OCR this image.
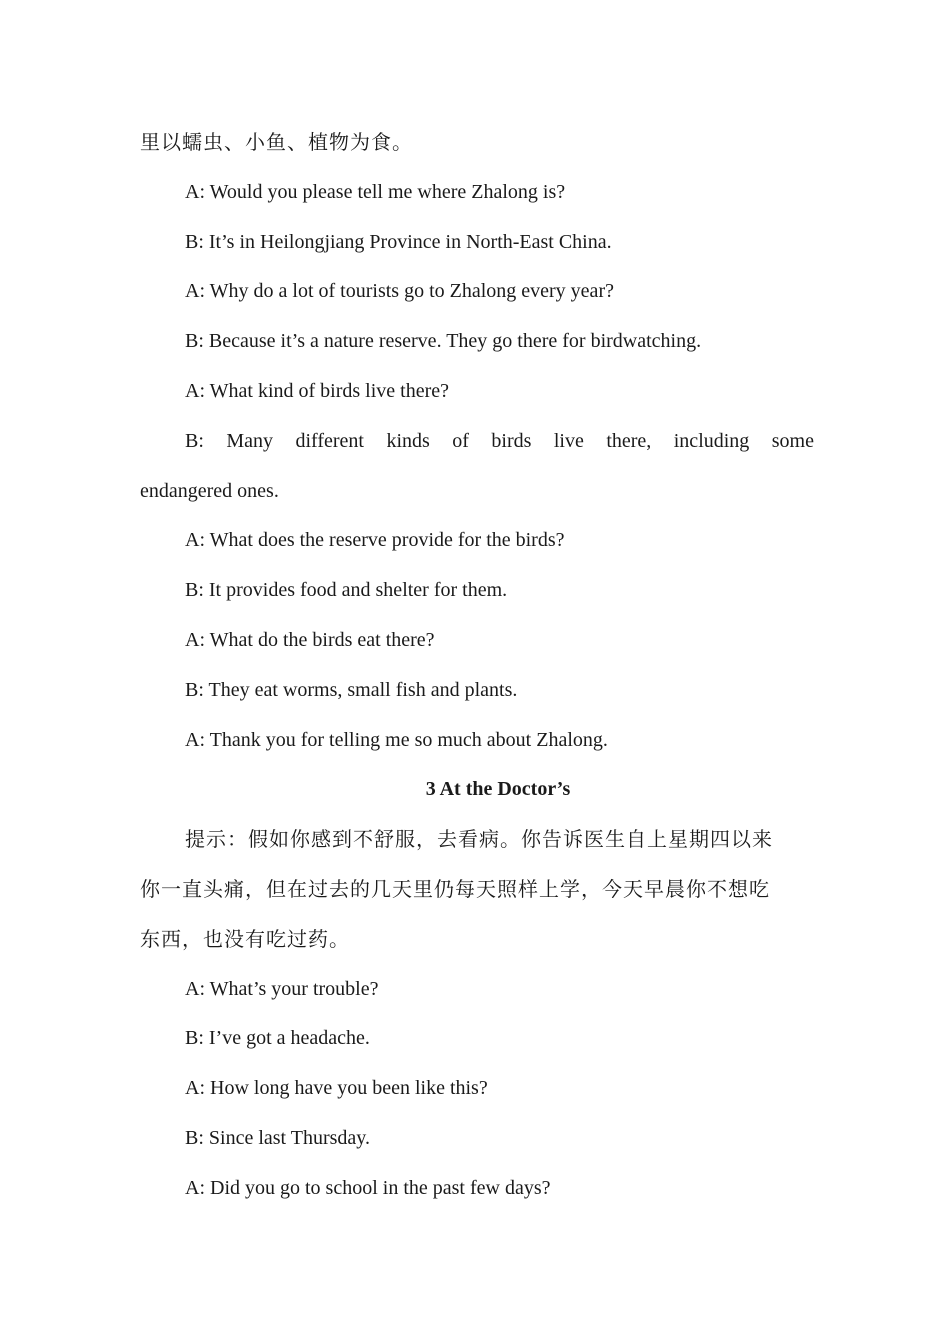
里以蠕虫、小鱼、植物为食。
A: Would you please tell me where Zhalong is?
B: It’s in Heilongjiang Province in North-East China.
A: Why do a lot of tourists go to Zhalong every year?
B: Because it’s a nature reserve. They go there for birdwatching.
A: What kind of birds live there?
B: Many different kinds of birds live there, including some
endangered ones.
A: What does the reserve provide for the birds?
B: It provides food and shelter for them.
A: What do the birds eat there?
B: They eat worms, small fish and plants.
A: Thank you for telling me so much about Zhalong.
3 At the Doctor’s
提示：假如你感到不舒服，去看病。你告诉医生自上星期四以来
你一直头痛，但在过去的几天里仍每天照样上学，今天早晨你不想吃
东西，也没有吃过药。
A: What’s your trouble?
B: I’ve got a headache.
A: How long have you been like this?
B: Since last Thursday.
A: Did you go to school in the past few days?
